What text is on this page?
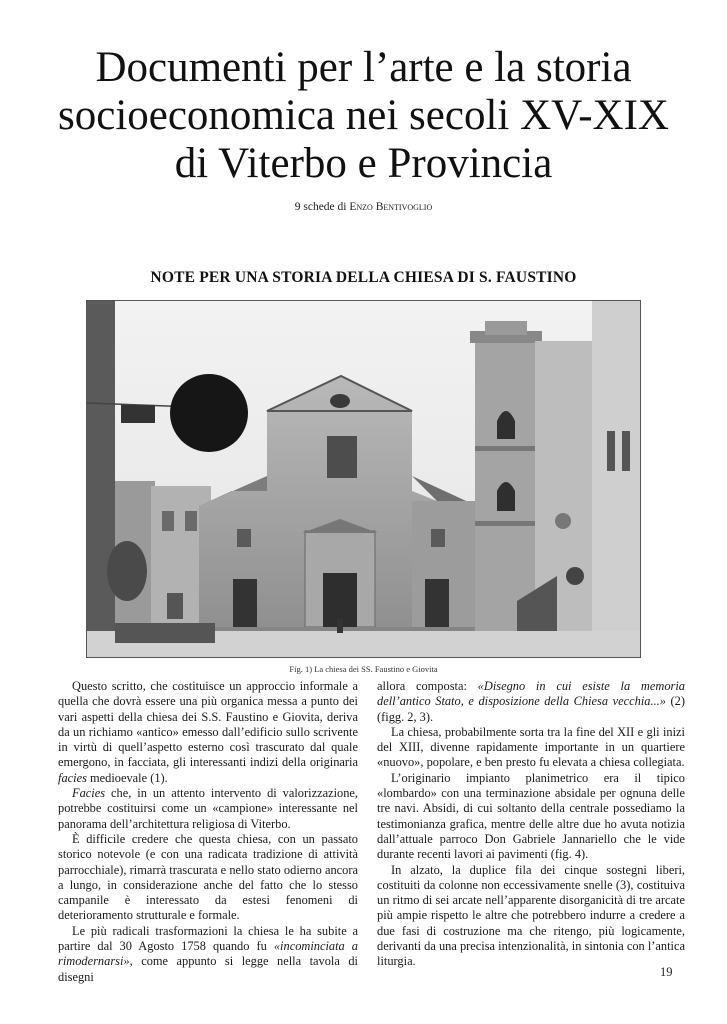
Documenti per l’arte e la storia
socioeconomica nei secoli XV-XIX
di Viterbo e Provincia
9 schede di Enzo Bentivoglio
NOTE PER UNA STORIA DELLA CHIESA DI S. FAUSTINO
Fig. 1) La chiesa dei SS. Faustino e Giovita

Questo scritto, che costituisce un approccio informale a quella che dovrà essere una più organica messa a punto dei vari aspetti della chiesa dei S.S. Faustino e Giovita, deriva da un richiamo «antico» emesso dall’edificio sullo scrivente in virtù di quell’aspetto esterno così trascurato dal quale emergono, in facciata, gli interessanti indizi della originaria facies medioevale (1).

Facies che, in un attento intervento di valorizzazione, potrebbe costituirsi come un «campione» interessante nel panorama dell’architettura religiosa di Viterbo.

È difficile credere che questa chiesa, con un passato storico notevole (e con una radicata tradizione di attività parrocchiale), rimarrà trascurata e nello stato odierno ancora a lungo, in considerazione anche del fatto che lo stesso campanile è interessato da estesi fenomeni di deterioramento strutturale e formale.

Le più radicali trasformazioni la chiesa le ha subite a partire dal 30 Agosto 1758 quando fu «incominciata a rimodernarsi», come appunto si legge nella tavola di disegni

allora composta: «Disegno in cui esiste la memoria dell’antico Stato, e disposizione della Chiesa vecchia...» (2) (figg. 2, 3).

La chiesa, probabilmente sorta tra la fine del XII e gli inizi del XIII, divenne rapidamente importante in un quartiere «nuovo», popolare, e ben presto fu elevata a chiesa collegiata.

L’originario impianto planimetrico era il tipico «lombardo» con una terminazione absidale per ognuna delle tre navi. Absidi, di cui soltanto della centrale possediamo la testimonianza grafica, mentre delle altre due ho avuta notizia dall’attuale parroco Don Gabriele Jannariello che le vide durante recenti lavori ai pavimenti (fig. 4).

In alzato, la duplice fila dei cinque sostegni liberi, costituiti da colonne non eccessivamente snelle (3), costituiva un ritmo di sei arcate nell’apparente disorganicità di tre arcate più ampie rispetto le altre che potrebbero indurre a credere a due fasi di costruzione ma che ritengo, più logicamente, derivanti da una precisa intenzionalità, in sintonia con l’antica liturgia.

19
